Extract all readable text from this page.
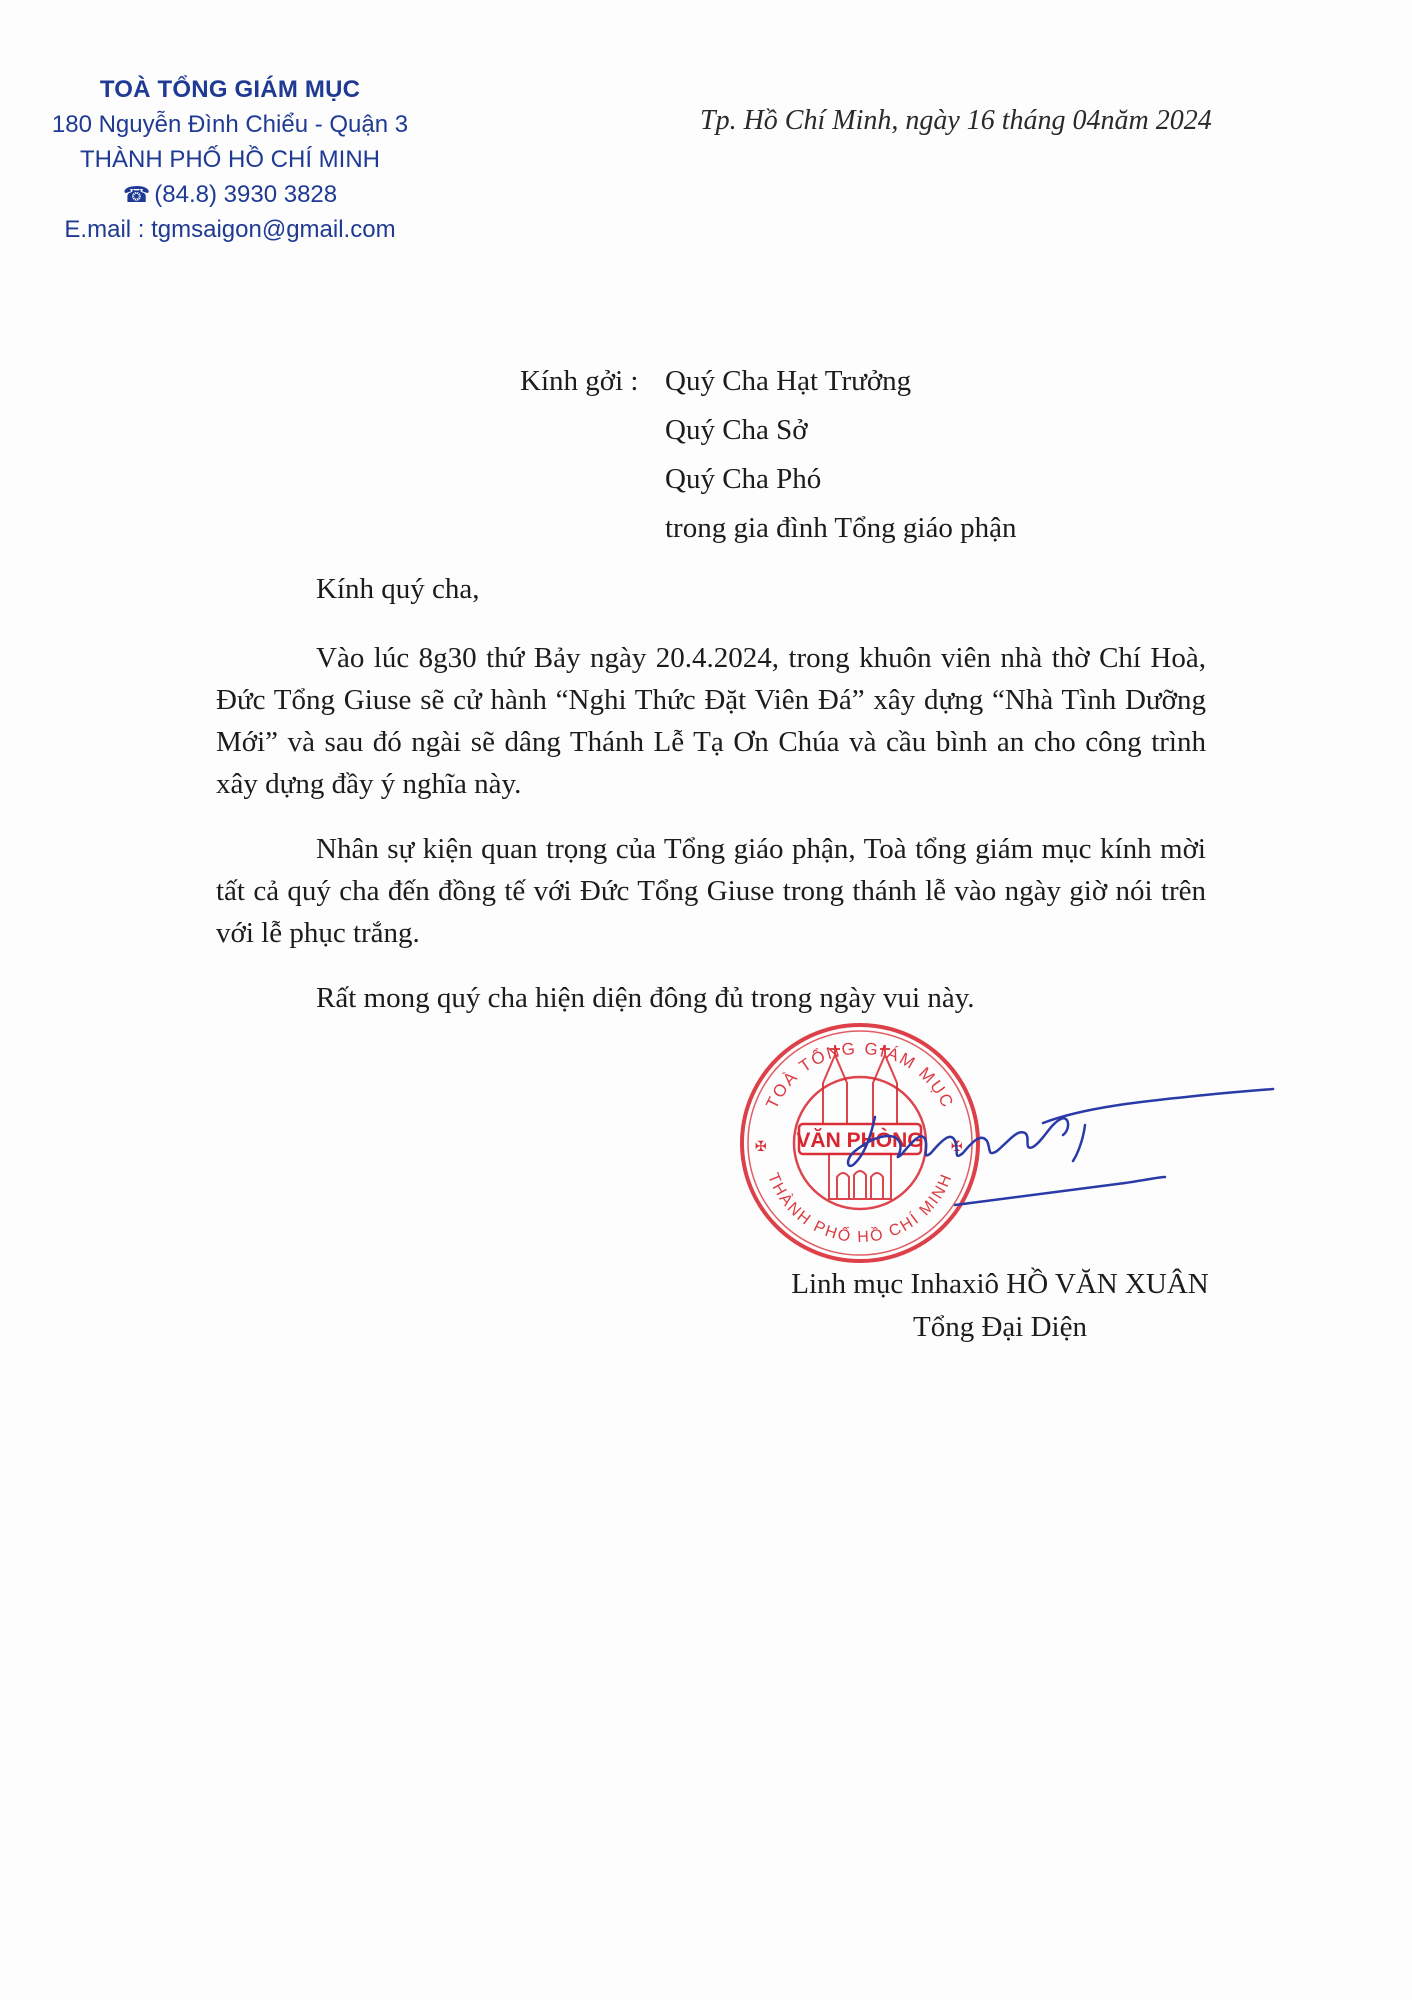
TOÀ TỔNG GIÁM MỤC
180 Nguyễn Đình Chiểu - Quận 3
THÀNH PHỐ HỒ CHÍ MINH
☎ (84.8) 3930 3828
E.mail : tgmsaigon@gmail.com
Tp. Hồ Chí Minh, ngày 16 tháng 04năm 2024
Kính gởi : Quý Cha Hạt Trưởng
Quý Cha Sở
Quý Cha Phó
trong gia đình Tổng giáo phận

Kính quý cha,

Vào lúc 8g30 thứ Bảy ngày 20.4.2024, trong khuôn viên nhà thờ Chí Hoà, Đức Tổng Giuse sẽ cử hành “Nghi Thức Đặt Viên Đá” xây dựng “Nhà Tình Dưỡng Mới” và sau đó ngài sẽ dâng Thánh Lễ Tạ Ơn Chúa và cầu bình an cho công trình xây dựng đầy ý nghĩa này.

Nhân sự kiện quan trọng của Tổng giáo phận, Toà tổng giám mục kính mời tất cả quý cha đến đồng tế với Đức Tổng Giuse trong thánh lễ vào ngày giờ nói trên với lễ phục trắng.

Rất mong quý cha hiện diện đông đủ trong ngày vui này.

TOÀ TỔNG GIÁM MỤC
THÀNH PHỐ HỒ CHÍ MINH
✠	✠
VĂN PHÒNG
Linh mục Inhaxiô HỒ VĂN XUÂN
Tổng Đại Diện
